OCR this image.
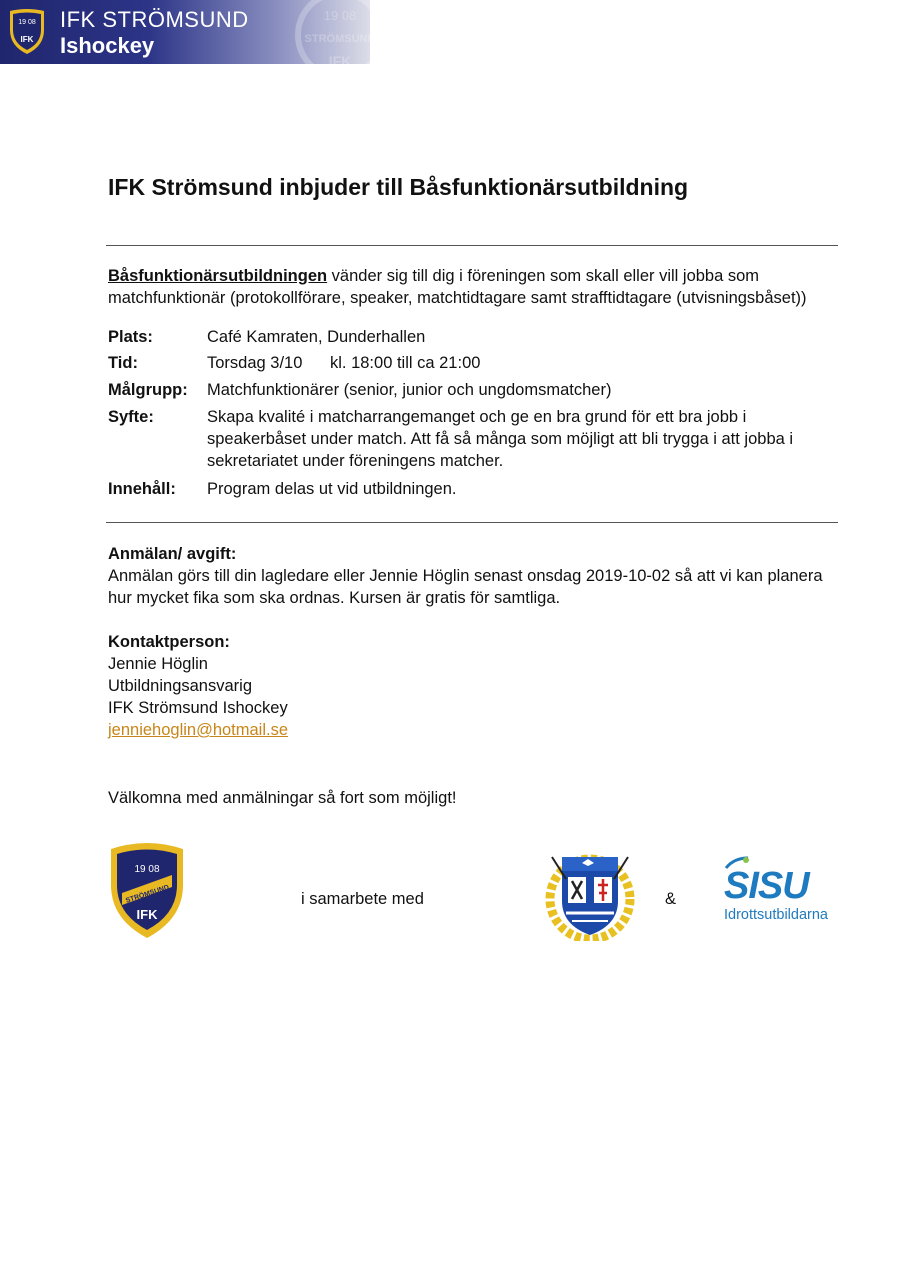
19 08
IFK
IFK STRÖMSUND
Ishockey
19 08
STRÖMSUND
IFK
IFK Strömsund inbjuder till Båsfunktionärsutbildning
Båsfunktionärsutbildningen vänder sig till dig i föreningen som skall eller vill jobba som
matchfunktionär (protokollförare, speaker, matchtidtagare samt strafftidtagare (utvisningsbåset))
Plats:	Café Kamraten, Dunderhallen
Tid:	Torsdag 3/10 kl. 18:00 till ca 21:00
Målgrupp: Matchfunktionärer (senior, junior och ungdomsmatcher)
Syfte:	Skapa kvalité i matcharrangemanget och ge en bra grund för ett bra jobb i
speakerbåset under match. Att få så många som möjligt att bli trygga i att jobba i
sekretariatet under föreningens matcher.
Innehåll: Program delas ut vid utbildningen.
Anmälan/ avgift:
Anmälan görs till din lagledare eller Jennie Höglin senast onsdag 2019-10-02 så att vi kan planera
hur mycket fika som ska ordnas. Kursen är gratis för samtliga.
Kontaktperson:
Jennie Höglin
Utbildningsansvarig
IFK Strömsund Ishockey
jenniehoglin@hotmail.se
Välkomna med anmälningar så fort som möjligt!
19 08
STRÖMSUND
IFK
i samarbete med	& SISU
Idrottsutbildarna
